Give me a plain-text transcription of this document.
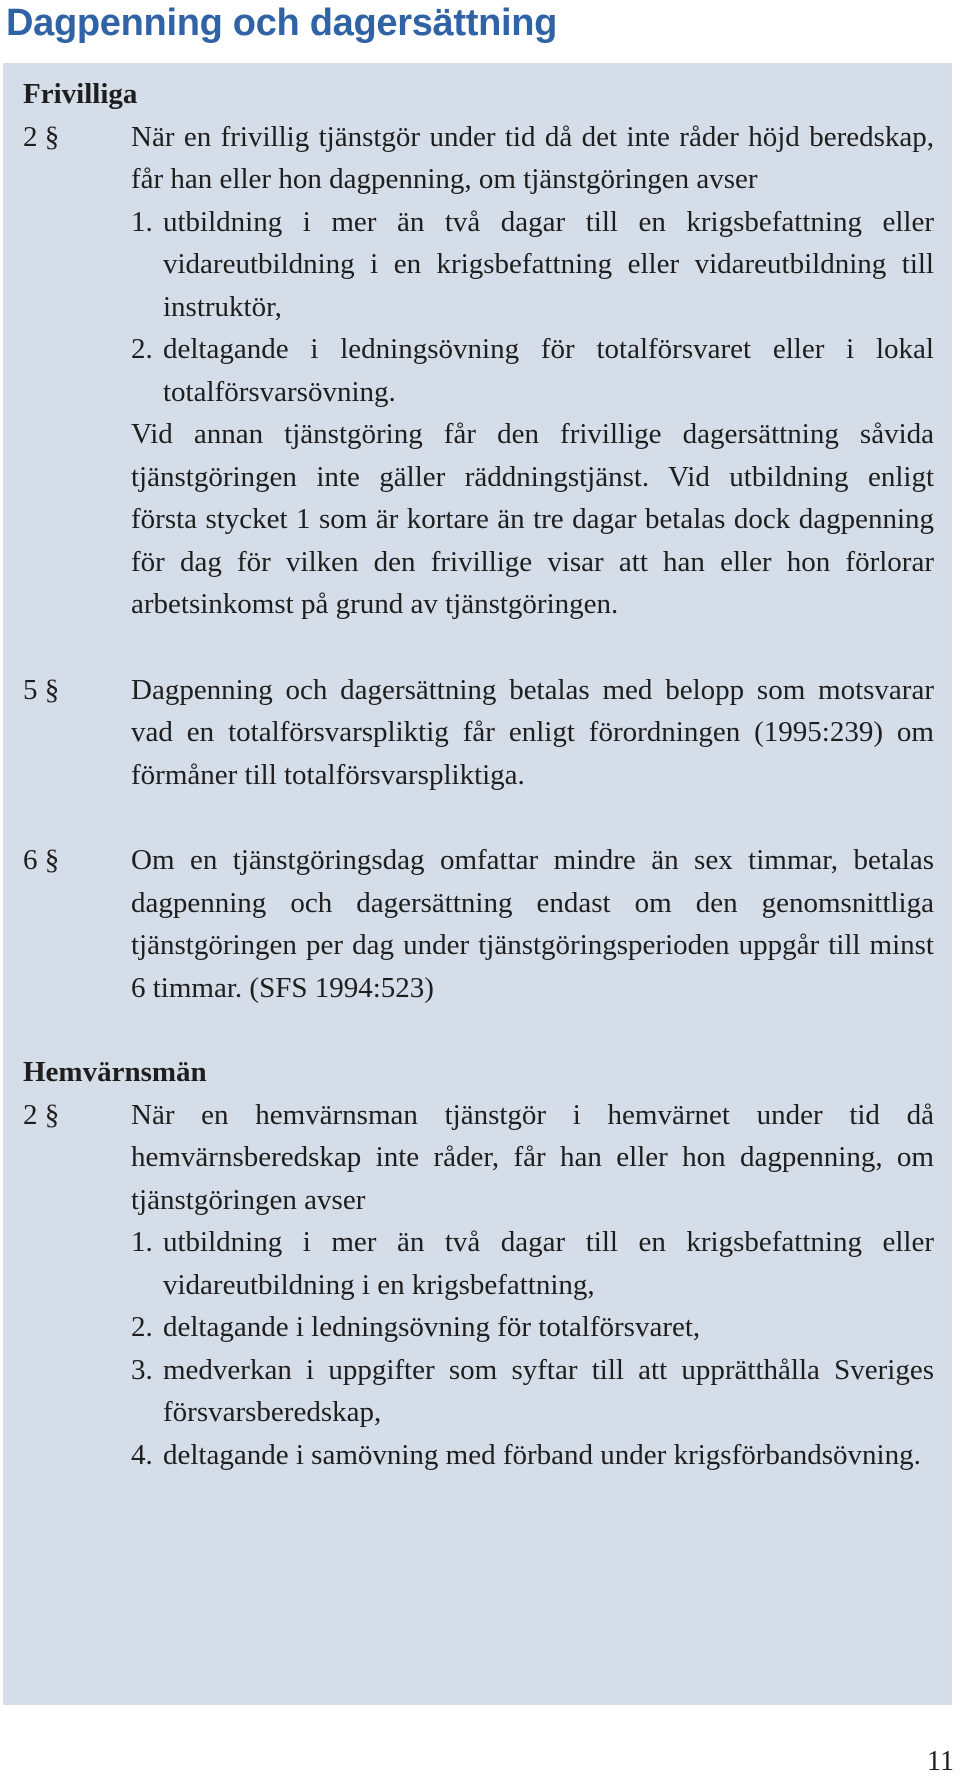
Dagpenning och dagersättning
Frivilliga
2 §	När en frivillig tjänstgör under tid då det inte råder höjd beredskap, får han eller hon dagpenning, om tjänstgöringen avser
1. utbildning i mer än två dagar till en krigsbefattning eller vidareutbildning i en krigsbefattning eller vidareutbildning till instruktör,
2. deltagande i ledningsövning för totalförsvaret eller i lokal totalförsvarsövning.
Vid annan tjänstgöring får den frivillige dagersättning såvida tjänstgöringen inte gäller räddningstjänst. Vid utbildning enligt första stycket 1 som är kortare än tre dagar betalas dock dagpenning för dag för vilken den frivillige visar att han eller hon förlorar arbetsinkomst på grund av tjänstgöringen.
5 §	Dagpenning och dagersättning betalas med belopp som motsvarar vad en totalförsvarspliktig får enligt förordningen (1995:239) om förmåner till totalförsvarspliktiga.
6 §	Om en tjänstgöringsdag omfattar mindre än sex timmar, betalas dagpenning och dagersättning endast om den genomsnittliga tjänstgöringen per dag under tjänstgöringsperioden uppgår till minst 6 timmar. (SFS 1994:523)
Hemvärnsmän
2 §	När en hemvärnsman tjänstgör i hemvärnet under tid då hemvärnsberedskap inte råder, får han eller hon dagpenning, om tjänstgöringen avser
1. utbildning i mer än två dagar till en krigsbefattning eller vidareutbildning i en krigsbefattning,
2. deltagande i ledningsövning för totalförsvaret,
3. medverkan i uppgifter som syftar till att upprätthålla Sveriges försvarsberedskap,
4. deltagande i samövning med förband under krigsförbandsövning.
11
